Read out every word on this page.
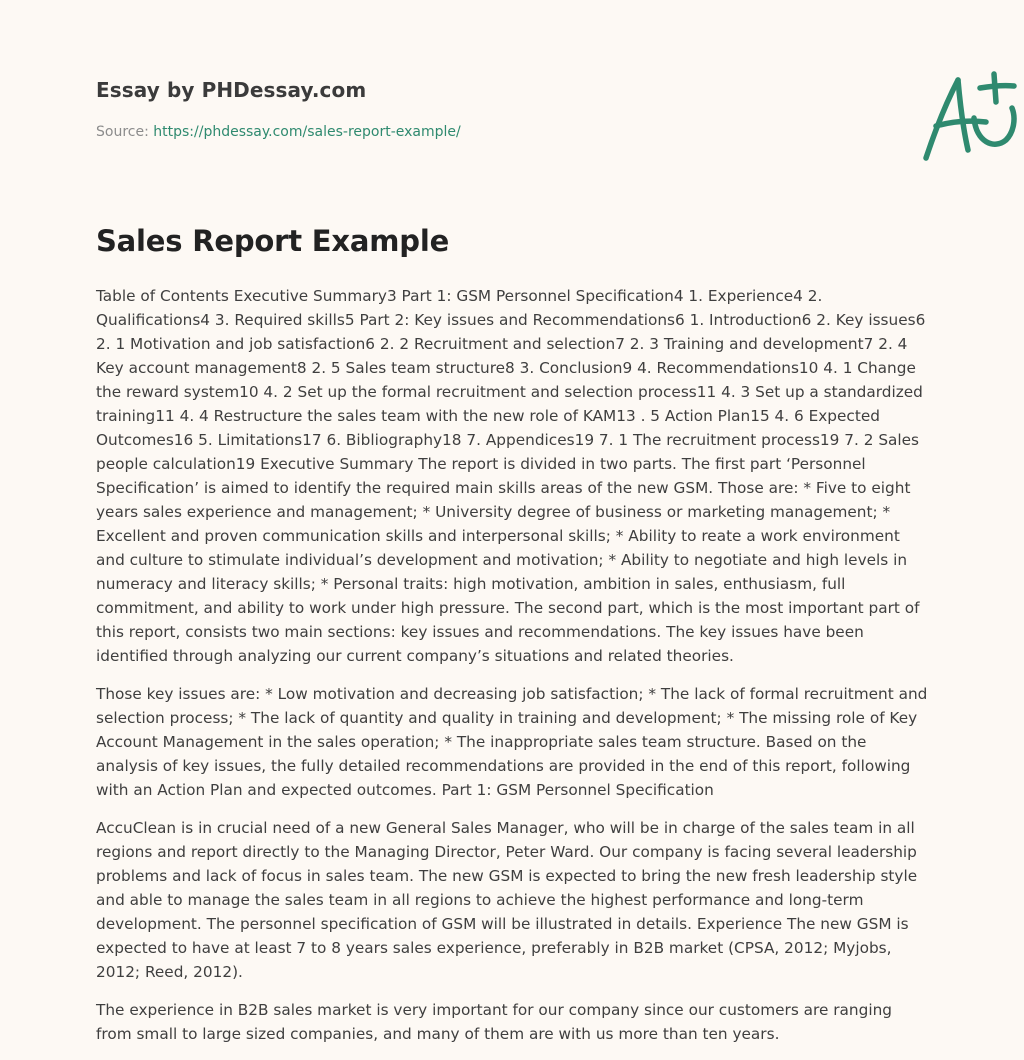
Essay by PHDessay.com
Source: https://phdessay.com/sales-report-example/
Sales Report Example

Table of Contents Executive Summary3 Part 1: GSM Personnel Specification4 1. Experience4 2. Qualifications4 3. Required skills5 Part 2: Key issues and Recommendations6 1. Introduction6 2. Key issues6 2. 1 Motivation and job satisfaction6 2. 2 Recruitment and selection7 2. 3 Training and development7 2. 4 Key account management8 2. 5 Sales team structure8 3. Conclusion9 4. Recommendations10 4. 1 Change the reward system10 4. 2 Set up the formal recruitment and selection process11 4. 3 Set up a standardized training11 4. 4 Restructure the sales team with the new role of KAM13 . 5 Action Plan15 4. 6 Expected Outcomes16 5. Limitations17 6. Bibliography18 7. Appendices19 7. 1 The recruitment process19 7. 2 Sales people calculation19 Executive Summary The report is divided in two parts. The first part ‘Personnel Specification’ is aimed to identify the required main skills areas of the new GSM. Those are: * Five to eight years sales experience and management; * University degree of business or marketing management; * Excellent and proven communication skills and interpersonal skills; * Ability to reate a work environment and culture to stimulate individual’s development and motivation; * Ability to negotiate and high levels in numeracy and literacy skills; * Personal traits: high motivation, ambition in sales, enthusiasm, full commitment, and ability to work under high pressure. The second part, which is the most important part of this report, consists two main sections: key issues and recommendations. The key issues have been identified through analyzing our current company’s situations and related theories.

Those key issues are: * Low motivation and decreasing job satisfaction; * The lack of formal recruitment and selection process; * The lack of quantity and quality in training and development; * The missing role of Key Account Management in the sales operation; * The inappropriate sales team structure. Based on the analysis of key issues, the fully detailed recommendations are provided in the end of this report, following with an Action Plan and expected outcomes. Part 1: GSM Personnel Specification

AccuClean is in crucial need of a new General Sales Manager, who will be in charge of the sales team in all regions and report directly to the Managing Director, Peter Ward. Our company is facing several leadership problems and lack of focus in sales team. The new GSM is expected to bring the new fresh leadership style and able to manage the sales team in all regions to achieve the highest performance and long-term development. The personnel specification of GSM will be illustrated in details. Experience The new GSM is expected to have at least 7 to 8 years sales experience, preferably in B2B market (CPSA, 2012; Myjobs, 2012; Reed, 2012).

The experience in B2B sales market is very important for our company since our customers are ranging from small to large sized companies, and many of them are with us more than ten years.
